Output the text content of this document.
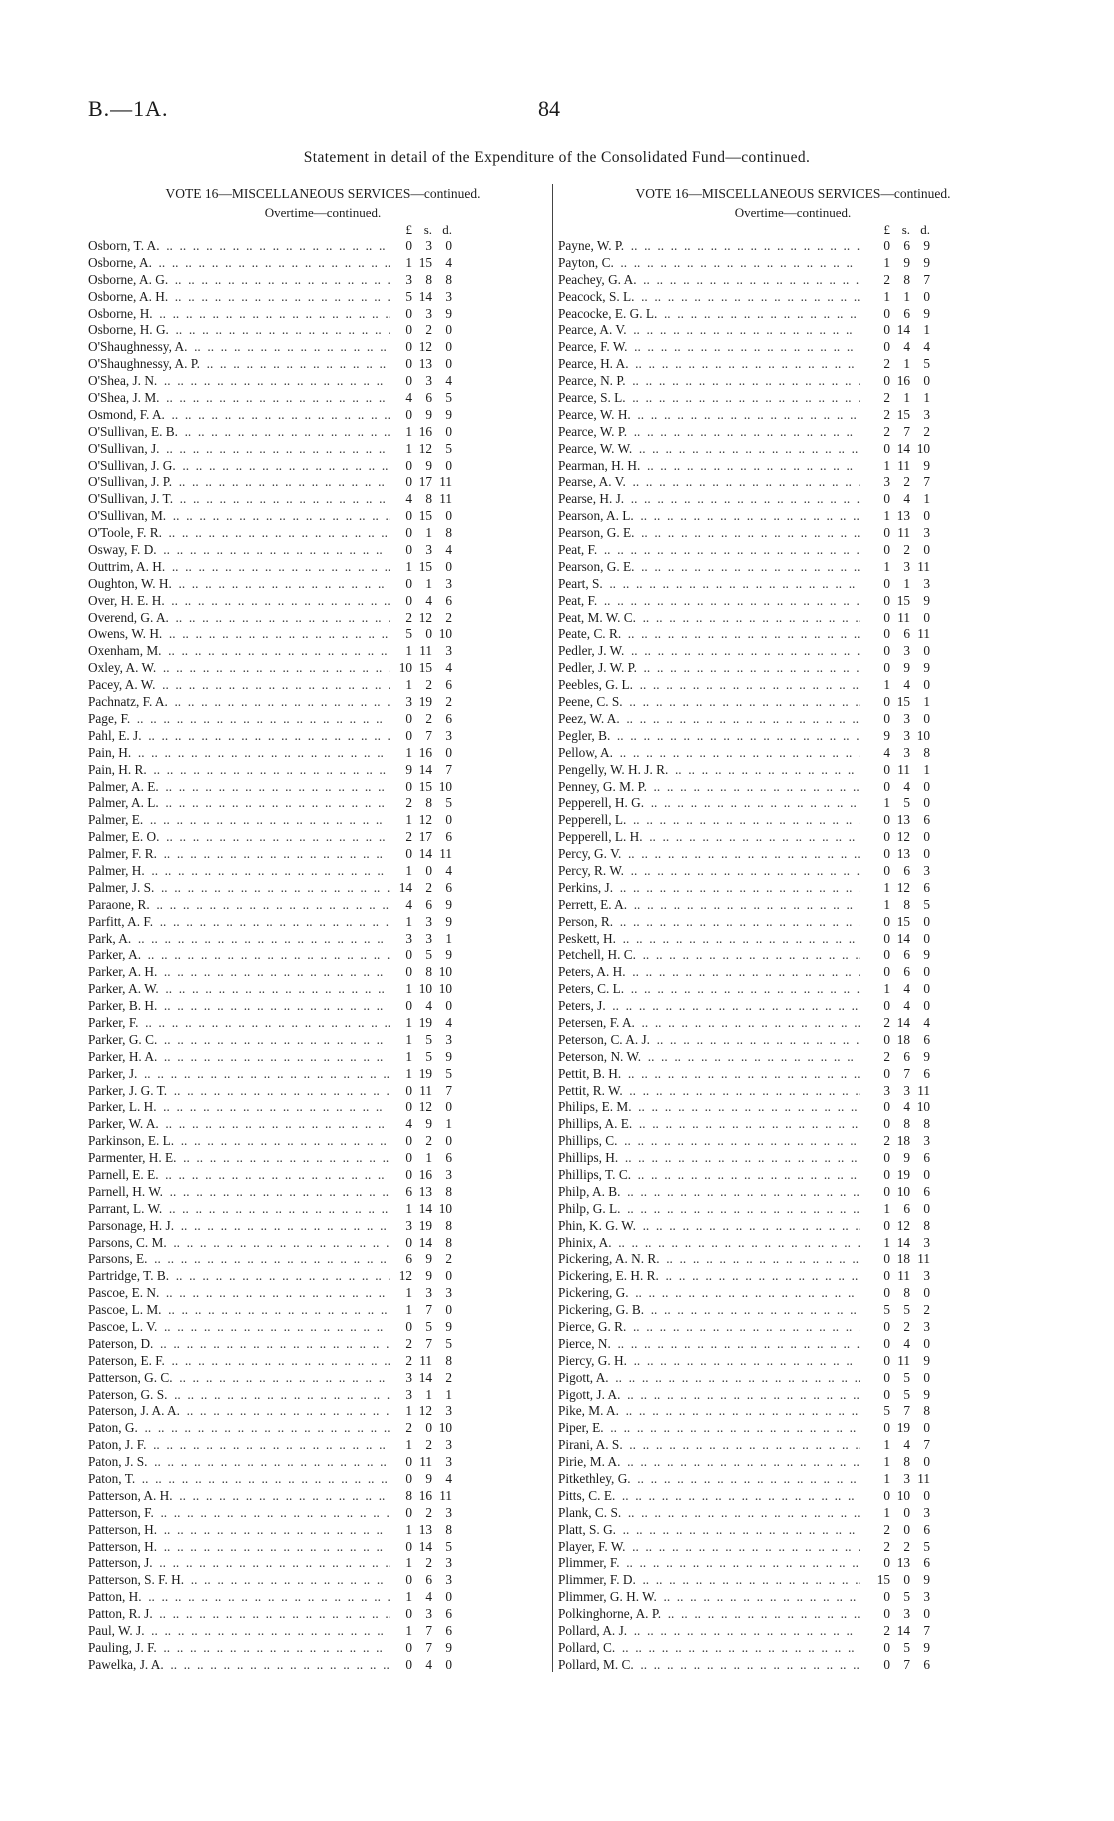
B.—1A.	84
Statement in detail of the Expenditure of the Consolidated Fund—continued.
VOTE 16—MISCELLANEOUS SERVICES—continued.
Overtime—continued.
£ s. d.
Osborn, T. A. .. .	0	3	0
Osborne, A. .. .	1 15	4
Osborne, A. G. .. .	3	8	8
Osborne, A. H. .. .	5 14	3
Osborne, H. .. .	0	3	9
Osborne, H. G. .. .	0	2	0
O'Shaughnessy, A. .. .	0 12	0
O'Shaughnessy, A. P. .. .	0 13	0
O'Shea, J. N. .. .	0	3	4
O'Shea, J. M. .. .	4	6	5
Osmond, F. A. .. .	0	9	9
O'Sullivan, E. B. .. .	1 16	0
O'Sullivan, J. .. .	1 12	5
O'Sullivan, J. G. .. .	0	9	0
O'Sullivan, J. P. .. .	0 17 11
O'Sullivan, J. T. .. .	4	8 11
O'Sullivan, M. .. .	0 15	0
O'Toole, F. R. .. .	0	1	8
Osway, F. D. .. .	0	3	4
Outtrim, A. H. .. .	1 15	0
Oughton, W. H. .. .	0	1	3
Over, H. E. H. .. .	0	4	6
Overend, G. A. .. .	2 12	2
Owens, W. H. .. .	5	0 10
Oxenham, M. .. .	1 11	3
Oxley, A. W. .. .	10 15	4
Pacey, A. W. .. .	1	2	6
Pachnatz, F. A. .. .	3 19	2
Page, F. .. .	0	2	6
Pahl, E. J. .. .	0	7	3
Pain, H. .. .	1 16	0
Pain, H. R. .. .	9 14	7
Palmer, A. E. .. .	0 15 10
Palmer, A. L. .. .	2	8	5
Palmer, E. .. .	1 12	0
Palmer, E. O. .. .	2 17	6
Palmer, F. R. .. .	0 14 11
Palmer, H. .. .	1	0	4
Palmer, J. S. .. .	14	2	6
Paraone, R. .. .	4	6	9
Parfitt, A. F. .. .	1	3	9
Park, A. .. .	3	3	1
Parker, A. .. .	0	5	9
Parker, A. H. .. .	0	8 10
Parker, A. W. .. .	1 10 10
Parker, B. H. .. .	0	4	0
Parker, F. .. .	1 19	4
Parker, G. C. .. .	1	5	3
Parker, H. A. .. .	1	5	9
Parker, J. .. .	1 19	5
Parker, J. G. T. .. .	0 11	7
Parker, L. H. .. .	0 12	0
Parker, W. A. .. .	4	9	1
Parkinson, E. L. .. .	0	2	0
Parmenter, H. E. .. .	0	1	6
Parnell, E. E. .. .	0 16	3
Parnell, H. W. .. .	6 13	8
Parrant, L. W. .. .	1 14 10
Parsonage, H. J. .. .	3 19	8
Parsons, C. M. .. .	0 14	8
Parsons, E. .. .	6	9	2
Partridge, T. B. .. .	12	9	0
Pascoe, E. N. .. .	1	3	3
Pascoe, L. M. .. .	1	7	0
Pascoe, L. V. .. .	0	5	9
Paterson, D. .. .	2	7	5
Paterson, E. F. .. .	2 11	8
Patterson, G. C. .. .	3 14	2
Paterson, G. S. .. .	3	1	1
Paterson, J. A. A. .. .	1 12	3
Paton, G. .. .	2	0 10
Paton, J. F. .. .	1	2	3
Paton, J. S. .. .	0 11	3
Paton, T. .. .	0	9	4
Patterson, A. H. .. .	8 16 11
Patterson, F. .. .	0	2	3
Patterson, H. .. .	1 13	8
Patterson, H. .. .	0 14	5
Patterson, J. .. .	1	2	3
Patterson, S. F. H. .. .	0	6	3
Patton, H. .. .	1	4	0
Patton, R. J. .. .	0	3	6
Paul, W. J. .. .	1	7	6
Pauling, J. F. .. .	0	7	9
Pawelka, J. A. .. .	0	4	0
VOTE 16—MISCELLANEOUS SERVICES—continued.
Overtime—continued.
£ s. d.
Payne, W. P. .. .	0	6	9
Payton, C. .. .	1	9	9
Peachey, G. A. .. .	2	8	7
Peacock, S. L. .. .	1	1	0
Peacocke, E. G. L. .. .	0	6	9
Pearce, A. V. .. .	0 14	1
Pearce, F. W. .. .	0	4	4
Pearce, H. A. .. .	2	1	5
Pearce, N. P. .. .	0 16	0
Pearce, S. L. .. .	2	1	1
Pearce, W. H. .. .	2 15	3
Pearce, W. P. .. .	2	7	2
Pearce, W. W. .. .	0 14 10
Pearman, H. H. .. .	1 11	9
Pearse, A. V. .. .	3	2	7
Pearse, H. J. .. .	0	4	1
Pearson, A. L. .. .	1 13	0
Pearson, G. E. .. .	0 11	3
Peat, F. .. .	0	2	0
Pearson, G. E. .. .	1	3 11
Peart, S. .. .	0	1	3
Peat, F. .. .	0 15	9
Peat, M. W. C. .. .	0 11	0
Peate, C. R. .. .	0	6 11
Pedler, J. W. .. .	0	3	0
Pedler, J. W. P. .. .	0	9	9
Peebles, G. L. .. .	1	4	0
Peene, C. S. .. .	0 15	1
Peez, W. A. .. .	0	3	0
Pegler, B. .. .	9	3 10
Pellow, A. .. .	4	3	8
Pengelly, W. H. J. R. .. .	0 11	1
Penney, G. M. P. .. .	0	4	0
Pepperell, H. G. .. .	1	5	0
Pepperell, L. .. .	0 13	6
Pepperell, L. H. .. .	0 12	0
Percy, G. V. .. .	0 13	0
Percy, R. W. .. .	0	6	3
Perkins, J. .. .	1 12	6
Perrett, E. A. .. .	1	8	5
Person, R. .. .	0 15	0
Peskett, H. .. .	0 14	0
Petchell, H. C. .. .	0	6	9
Peters, A. H. .. .	0	6	0
Peters, C. L. .. .	1	4	0
Peters, J. .. .	0	4	0
Petersen, F. A. .. .	2 14	4
Peterson, C. A. J. .. .	0 18	6
Peterson, N. W. .. .	2	6	9
Pettit, B. H. .. .	0	7	6
Pettit, R. W. .. .	3	3 11
Philips, E. M. .. .	0	4 10
Phillips, A. E. .. .	0	8	8
Phillips, C. .. .	2 18	3
Phillips, H. .. .	0	9	6
Phillips, T. C. .. .	0 19	0
Philp, A. B. .. .	0 10	6
Philp, G. L. .. .	1	6	0
Phin, K. G. W. .. .	0 12	8
Phinix, A. .. .	1 14	3
Pickering, A. N. R. .. .	0 18 11
Pickering, E. H. R. .. .	0 11	3
Pickering, G. .. .	0	8	0
Pickering, G. B. .. .	5	5	2
Pierce, G. R. .. .	0	2	3
Pierce, N. .. .	0	4	0
Piercy, G. H. .. .	0 11	9
Pigott, A. .. .	0	5	0
Pigott, J. A. .. .	0	5	9
Pike, M. A. .. .	5	7	8
Piper, E. .. .	0 19	0
Pirani, A. S. .. .	1	4	7
Pirie, M. A. .. .	1	8	0
Pitkethley, G. .. .	1	3 11
Pitts, C. E. .. .	0 10	0
Plank, C. S. .. .	1	0	3
Platt, S. G. .. .	2	0	6
Player, F. W. .. .	2	2	5
Plimmer, F. .. .	0 13	6
Plimmer, F. D. .. .	15	0	9
Plimmer, G. H. W. .. .	0	5	3
Polkinghorne, A. P. .. .	0	3	0
Pollard, A. J. .. .	2 14	7
Pollard, C. .. .	0	5	9
Pollard, M. C. .. .	0	7	6
